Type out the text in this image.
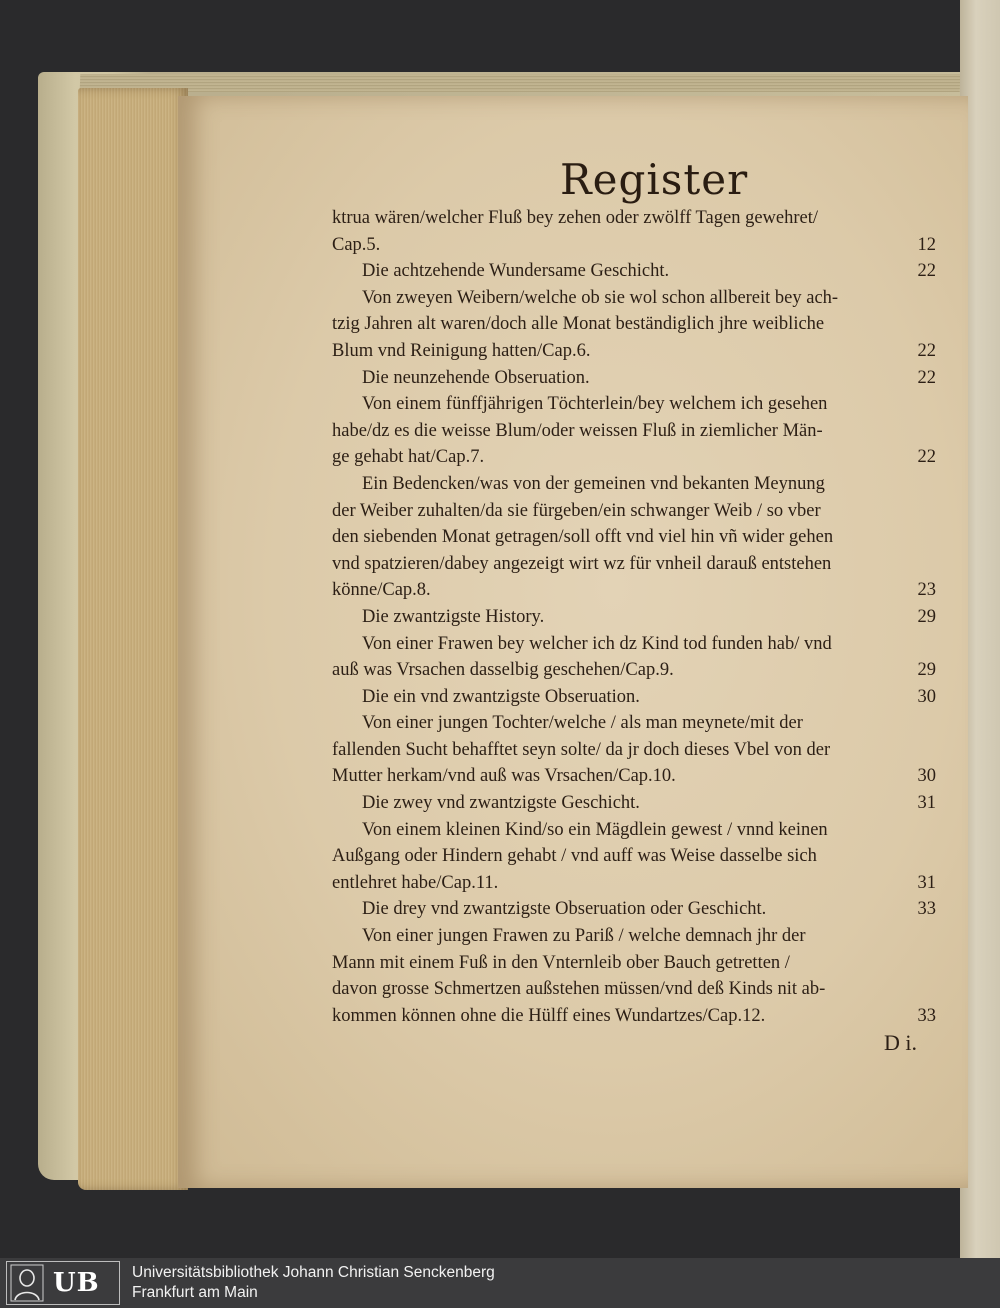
Register
ktrua wären/welcher Fluß bey zehen oder zwölff Tagen gewehret/
Cap.5.	12
Die achtzehende Wundersame Geschicht.	22
Von zweyen Weibern/welche ob sie wol schon allbereit bey ach-
tzig Jahren alt waren/doch alle Monat beständiglich jhre weibliche
Blum vnd Reinigung hatten/Cap.6.	22
Die neunzehende Obseruation.	22
Von einem fünffjährigen Töchterlein/bey welchem ich gesehen
habe/dz es die weisse Blum/oder weissen Fluß in ziemlicher Män-
ge gehabt hat/Cap.7.	22
Ein Bedencken/was von der gemeinen vnd bekanten Meynung
der Weiber zuhalten/da sie fürgeben/ein schwanger Weib / so vber
den siebenden Monat getragen/soll offt vnd viel hin vñ wider gehen
vnd spatzieren/dabey angezeigt wirt wz für vnheil darauß entstehen
könne/Cap.8.	23
Die zwantzigste History.	29
Von einer Frawen bey welcher ich dz Kind tod funden hab/ vnd
auß was Vrsachen dasselbig geschehen/Cap.9.	29
Die ein vnd zwantzigste Obseruation.	30
Von einer jungen Tochter/welche / als man meynete/mit der
fallenden Sucht behafftet seyn solte/ da jr doch dieses Vbel von der
Mutter herkam/vnd auß was Vrsachen/Cap.10.	30
Die zwey vnd zwantzigste Geschicht.	31
Von einem kleinen Kind/so ein Mägdlein gewest / vnnd keinen
Außgang oder Hindern gehabt / vnd auff was Weise dasselbe sich
entlehret habe/Cap.11.	31
Die drey vnd zwantzigste Obseruation oder Geschicht.	33
Von einer jungen Frawen zu Pariß / welche demnach jhr der
Mann mit einem Fuß in den Vnternleib ober Bauch getretten /
davon grosse Schmertzen außstehen müssen/vnd deß Kinds nit ab-
kommen können ohne die Hülff eines Wundartzes/Cap.12.	33
D i.
UB Universitätsbibliothek Johann Christian Senckenberg
Frankfurt am Main
